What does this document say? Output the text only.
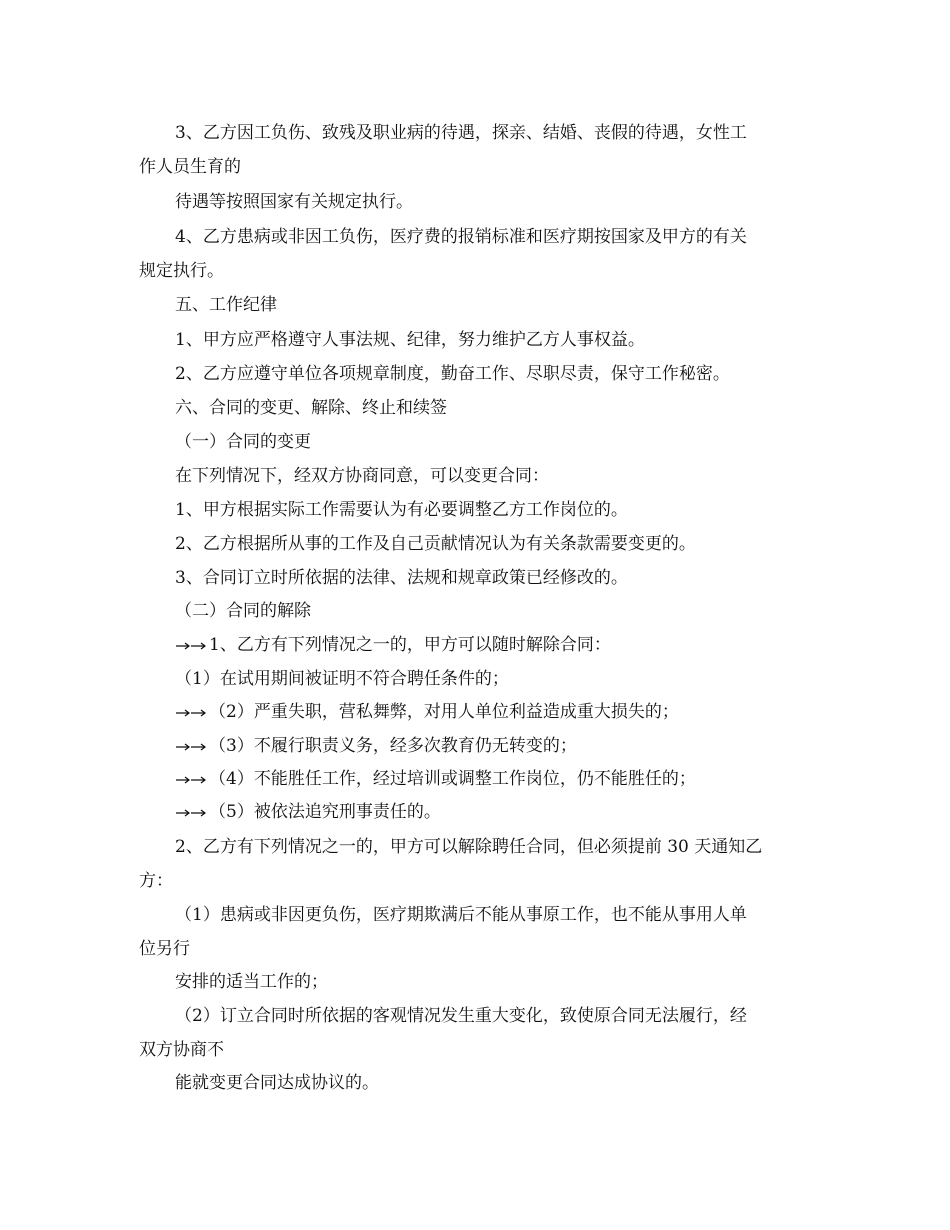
3、乙方因工负伤、致残及职业病的待遇，探亲、结婚、丧假的待遇，女性工

作人员生育的

待遇等按照国家有关规定执行。

4、乙方患病或非因工负伤，医疗费的报销标准和医疗期按国家及甲方的有关

规定执行。

五、工作纪律

1、甲方应严格遵守人事法规、纪律，努力维护乙方人事权益。

2、乙方应遵守单位各项规章制度，勤奋工作、尽职尽责，保守工作秘密。

六、合同的变更、解除、终止和续签

（一）合同的变更

在下列情况下，经双方协商同意，可以变更合同：

1、甲方根据实际工作需要认为有必要调整乙方工作岗位的。

2、乙方根据所从事的工作及自己贡献情况认为有关条款需要变更的。

3、合同订立时所依据的法律、法规和规章政策已经修改的。

（二）合同的解除

1、乙方有下列情况之一的，甲方可以随时解除合同：

（1）在试用期间被证明不符合聘任条件的；

（2）严重失职，营私舞弊，对用人单位利益造成重大损失的；
（3）不履行职责义务，经多次教育仍无转变的；
（4）不能胜任工作，经过培训或调整工作岗位，仍不能胜任的；
（5）被依法追究刑事责任的。

2、乙方有下列情况之一的，甲方可以解除聘任合同，但必须提前 30 天通知乙

方：

（1）患病或非因更负伤，医疗期欺满后不能从事原工作，也不能从事用人单

位另行

安排的适当工作的；

（2）订立合同时所依据的客观情况发生重大变化，致使原合同无法履行，经

双方协商不

能就变更合同达成协议的。
